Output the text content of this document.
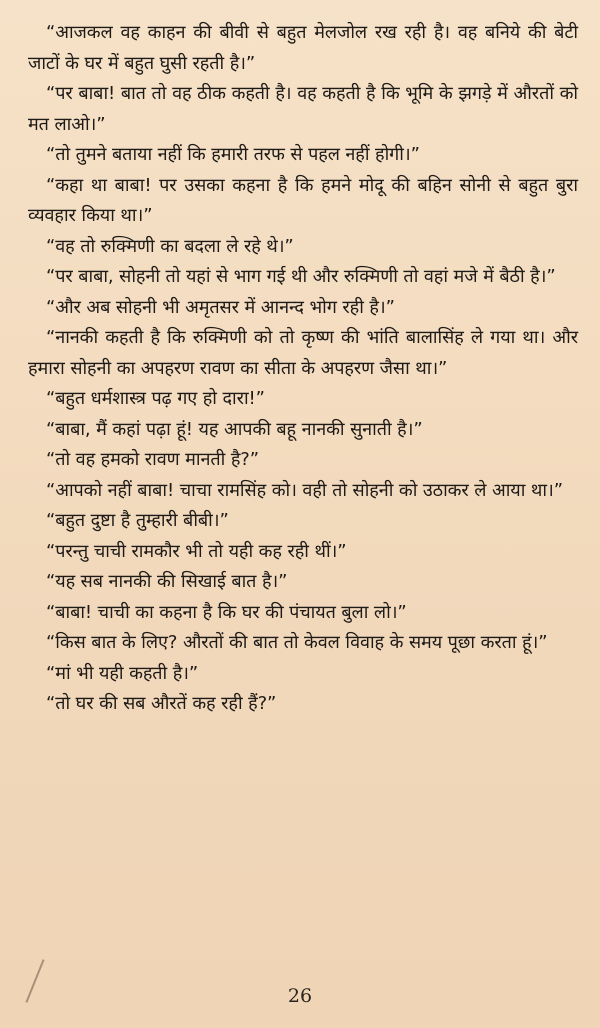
“आजकल वह काहन की बीवी से बहुत मेलजोल रख रही है। वह बनिये की बेटी जाटों के घर में बहुत घुसी रहती है।”

“पर बाबा! बात तो वह ठीक कहती है। वह कहती है कि भूमि के झगड़े में औरतों को मत लाओ।”

“तो तुमने बताया नहीं कि हमारी तरफ से पहल नहीं होगी।”

“कहा था बाबा! पर उसका कहना है कि हमने मोदू की बहिन सोनी से बहुत बुरा व्यवहार किया था।”

“वह तो रुक्मिणी का बदला ले रहे थे।”

“पर बाबा, सोहनी तो यहां से भाग गई थी और रुक्मिणी तो वहां मजे में बैठी है।”

“और अब सोहनी भी अमृतसर में आनन्द भोग रही है।”

“नानकी कहती है कि रुक्मिणी को तो कृष्ण की भांति बालासिंह ले गया था। और हमारा सोहनी का अपहरण रावण का सीता के अपहरण जैसा था।”

“बहुत धर्मशास्त्र पढ़ गए हो दारा!”

“बाबा, मैं कहां पढ़ा हूं! यह आपकी बहू नानकी सुनाती है।”

“तो वह हमको रावण मानती है?”

“आपको नहीं बाबा! चाचा रामसिंह को। वही तो सोहनी को उठाकर ले आया था।”

“बहुत दुष्टा है तुम्हारी बीबी।”

“परन्तु चाची रामकौर भी तो यही कह रही थीं।”

“यह सब नानकी की सिखाई बात है।”

“बाबा! चाची का कहना है कि घर की पंचायत बुला लो।”

“किस बात के लिए? औरतों की बात तो केवल विवाह के समय पूछा करता हूं।”

“मां भी यही कहती है।”

“तो घर की सब औरतें कह रही हैं?”

26
